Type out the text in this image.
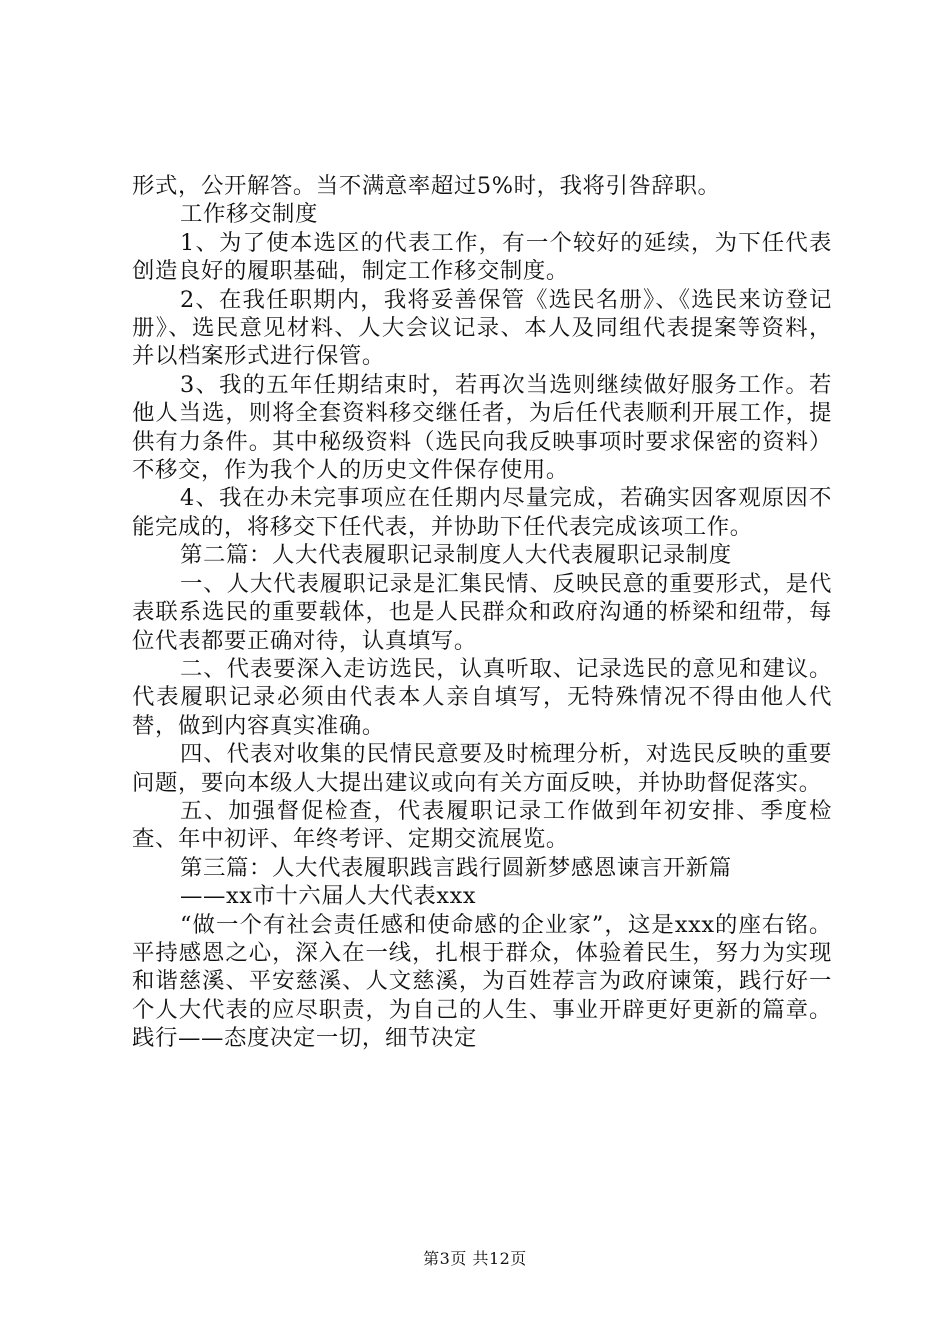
形式，公开解答。当不满意率超过5%时，我将引咎辞职。

工作移交制度

1、为了使本选区的代表工作，有一个较好的延续，为下任代表创造良好的履职基础，制定工作移交制度。

2、在我任职期内，我将妥善保管《选民名册》、《选民来访登记册》、选民意见材料、人大会议记录、本人及同组代表提案等资料，并以档案形式进行保管。

3、我的五年任期结束时，若再次当选则继续做好服务工作。若他人当选，则将全套资料移交继任者，为后任代表顺利开展工作，提供有力条件。其中秘级资料（选民向我反映事项时要求保密的资料）不移交，作为我个人的历史文件保存使用。

4、我在办未完事项应在任期内尽量完成，若确实因客观原因不能完成的，将移交下任代表，并协助下任代表完成该项工作。

第二篇：人大代表履职记录制度人大代表履职记录制度

一、人大代表履职记录是汇集民情、反映民意的重要形式，是代表联系选民的重要载体，也是人民群众和政府沟通的桥梁和纽带，每位代表都要正确对待，认真填写。

二、代表要深入走访选民，认真听取、记录选民的意见和建议。代表履职记录必须由代表本人亲自填写，无特殊情况不得由他人代替，做到内容真实准确。

四、代表对收集的民情民意要及时梳理分析，对选民反映的重要问题，要向本级人大提出建议或向有关方面反映，并协助督促落实。

五、加强督促检查，代表履职记录工作做到年初安排、季度检查、年中初评、年终考评、定期交流展览。

第三篇：人大代表履职践言践行圆新梦感恩谏言开新篇

——xx市十六届人大代表xxx

“做一个有社会责任感和使命感的企业家”，这是xxx的座右铭。平持感恩之心，深入在一线，扎根于群众，体验着民生，努力为实现和谐慈溪、平安慈溪、人文慈溪，为百姓荐言为政府谏策，践行好一个人大代表的应尽职责，为自己的人生、事业开辟更好更新的篇章。践行——态度决定一切，细节决定

第3页 共12页
